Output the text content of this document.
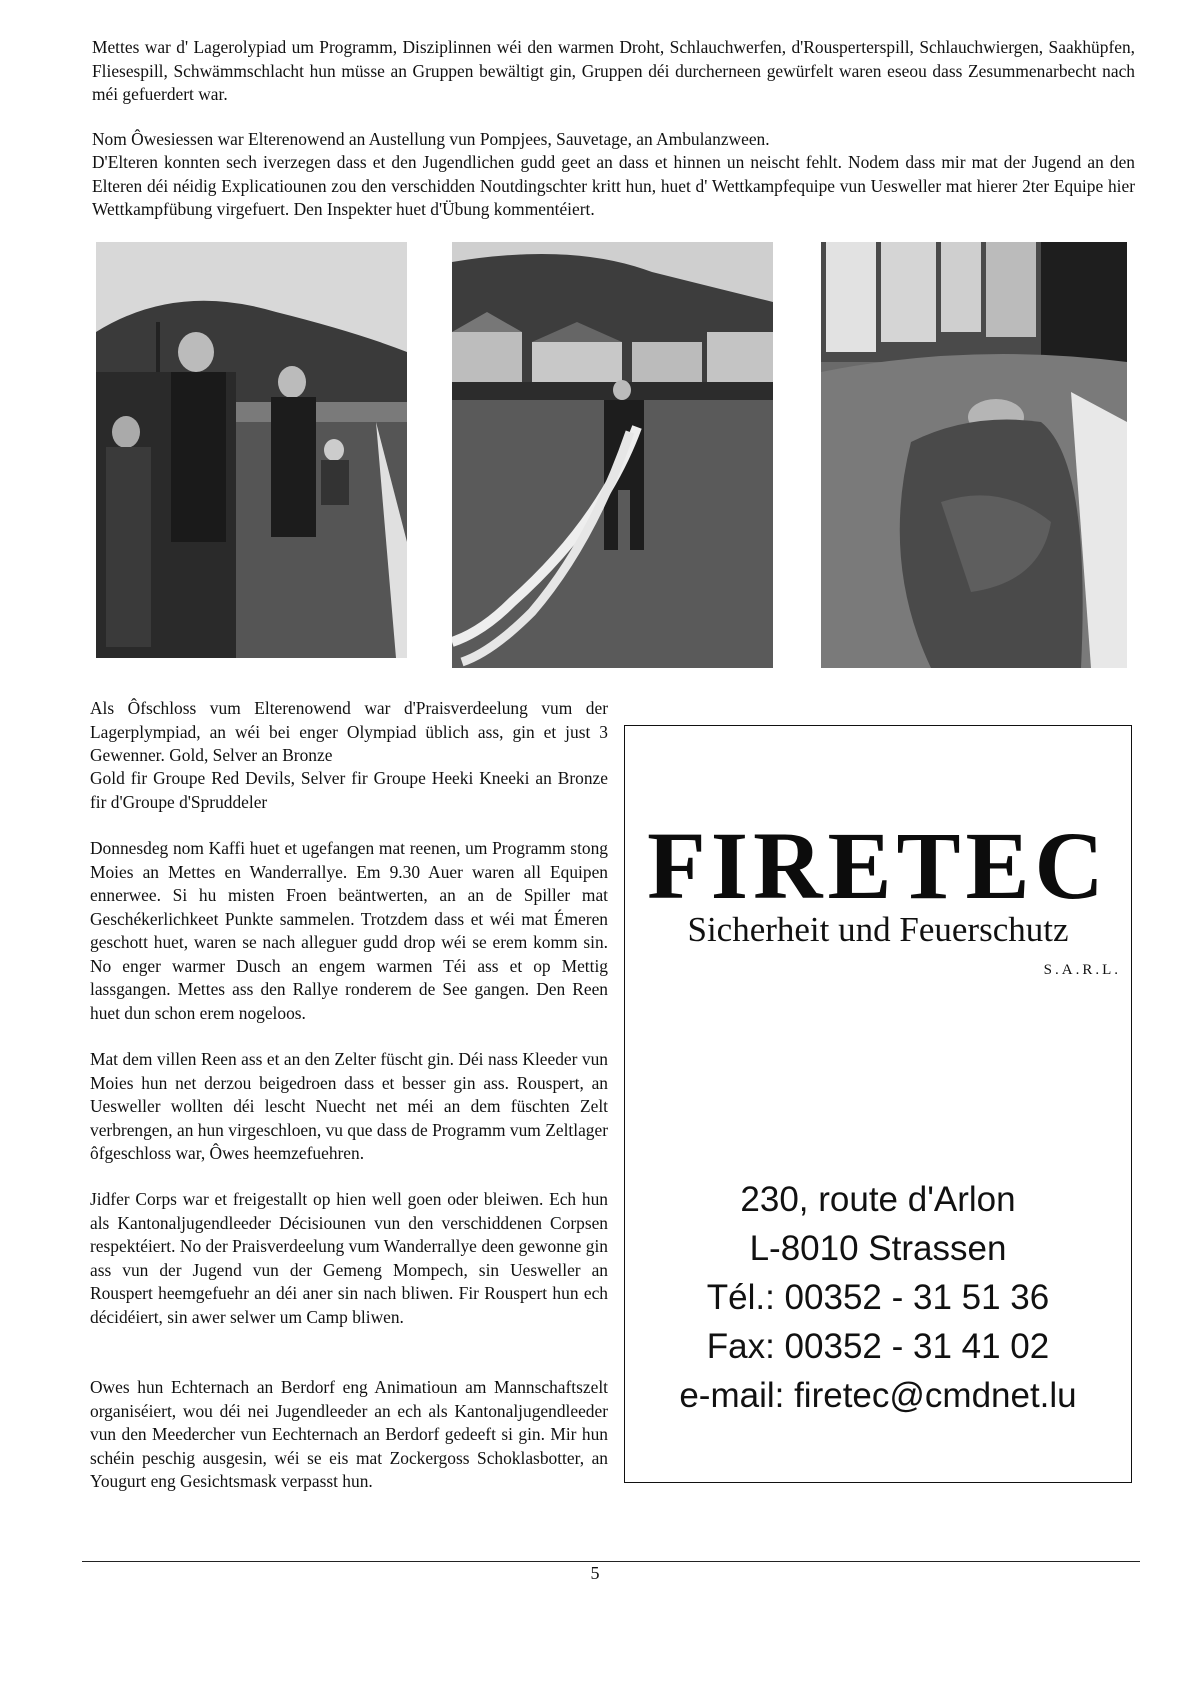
Mettes war d' Lagerolypiad um Programm, Disziplinnen wéi den warmen Droht, Schlauchwerfen, d'Rousperterspill, Schlauchwiergen, Saakhüpfen, Fliesespill, Schwämmschlacht hun müsse an Gruppen bewältigt gin, Gruppen déi durcherneen gewürfelt waren eseou dass Zesummenarbecht nach méi gefuerdert war.

Nom Ôwesiessen war Elterenowend an Austellung vun Pompjees, Sauvetage, an Ambulanzween.

D'Elteren konnten sech iverzegen dass et den Jugendlichen gudd geet an dass et hinnen un neischt fehlt. Nodem dass mir mat der Jugend an den Elteren déi néidig Explicatiounen zou den verschidden Noutdingschter kritt hun, huet d' Wettkampfequipe vun Uesweller mat hierer 2ter Equipe hier Wettkampfübung virgefuert. Den Inspekter huet d'Übung kommentéiert.

Als Ôfschloss vum Elterenowend war d'Praisverdeelung vum der Lagerplympiad, an wéi bei enger Olympiad üblich ass, gin et just 3 Gewenner. Gold, Selver an Bronze

Gold fir Groupe Red Devils, Selver fir Groupe Heeki Kneeki an Bronze fir d'Groupe d'Spruddeler

Donnesdeg nom Kaffi huet et ugefangen mat reenen, um Programm stong Moies an Mettes en Wanderrallye. Em 9.30 Auer waren all Equipen ennerwee. Si hu misten Froen beäntwerten, an an de Spiller mat Geschékerlichkeet Punkte sammelen. Trotzdem dass et wéi mat Émeren geschott huet, waren se nach alleguer gudd drop wéi se erem komm sin. No enger warmer Dusch an engem warmen Téi ass et op Mettig lassgangen. Mettes ass den Rallye ronderem de See gangen. Den Reen huet dun schon erem nogeloos.

Mat dem villen Reen ass et an den Zelter füscht gin. Déi nass Kleeder vun Moies hun net derzou beigedroen dass et besser gin ass. Rouspert, an Uesweller wollten déi lescht Nuecht net méi an dem füschten Zelt verbrengen, an hun virgeschloen, vu que dass de Programm vum Zeltlager ôfgeschloss war, Ôwes heemzefuehren.

Jidfer Corps war et freigestallt op hien well goen oder bleiwen. Ech hun als Kantonaljugendleeder Décisiounen vun den verschiddenen Corpsen respektéiert. No der Praisverdeelung vum Wanderrallye deen gewonne gin ass vun der Jugend vun der Gemeng Mompech, sin Uesweller an Rouspert heemgefuehr an déi aner sin nach bliwen. Fir Rouspert hun ech décidéiert, sin awer selwer um Camp bliwen.

Owes hun Echternach an Berdorf eng Animatioun am Mannschaftszelt organiséiert, wou déi nei Jugendleeder an ech als Kantonaljugendleeder vun den Meedercher vun Eechternach an Berdorf gedeeft si gin. Mir hun schéin peschig ausgesin, wéi se eis mat Zockergoss Schoklasbotter, an Yougurt eng Gesichtsmask verpasst hun.

FIRETEC
Sicherheit und Feuerschutz
S.A.R.L.
230, route d'Arlon
L-8010 Strassen
Tél.: 00352 - 31 51 36
Fax: 00352 - 31 41 02
e-mail: firetec@cmdnet.lu
5
